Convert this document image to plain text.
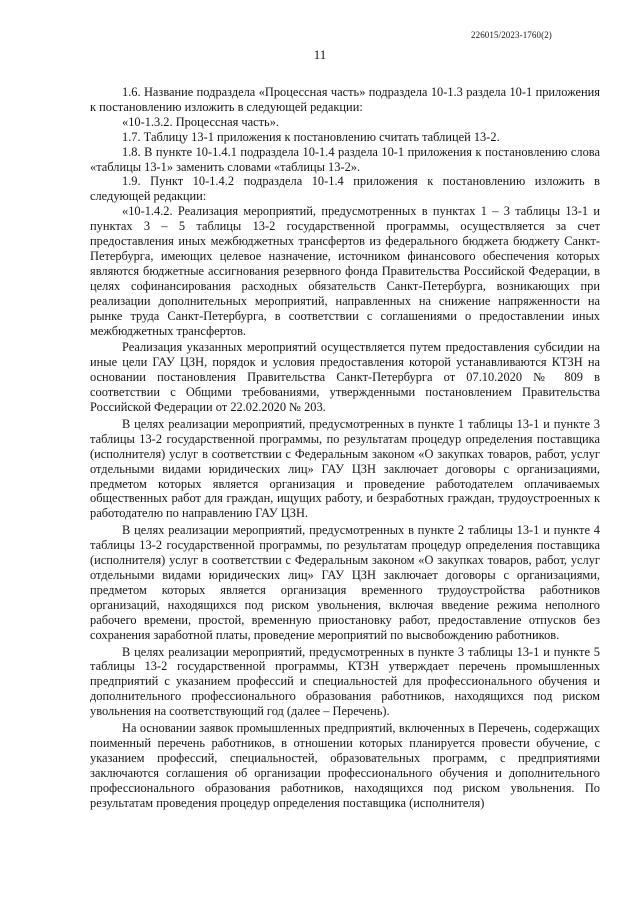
226015/2023-1760(2)
11

1.6. Название подраздела «Процессная часть» подраздела 10-1.3 раздела 10-1 приложения к постановлению изложить в следующей редакции:

«10-1.3.2. Процессная часть».

1.7. Таблицу 13-1 приложения к постановлению считать таблицей 13-2.

1.8. В пункте 10-1.4.1 подраздела 10-1.4 раздела 10-1 приложения к постановлению слова «таблицы 13-1» заменить словами «таблицы 13-2».

1.9. Пункт 10-1.4.2 подраздела 10-1.4 приложения к постановлению изложить в следующей редакции:

«10-1.4.2. Реализация мероприятий, предусмотренных в пунктах 1 – 3 таблицы 13-1 и пунктах 3 – 5 таблицы 13-2 государственной программы, осуществляется за счет предоставления иных межбюджетных трансфертов из федерального бюджета бюджету Санкт-Петербурга, имеющих целевое назначение, источником финансового обеспечения которых являются бюджетные ассигнования резервного фонда Правительства Российской Федерации, в целях софинансирования расходных обязательств Санкт-Петербурга, возникающих при реализации дополнительных мероприятий, направленных на снижение напряженности на рынке труда Санкт-Петербурга, в соответствии с соглашениями о предоставлении иных межбюджетных трансфертов.

Реализация указанных мероприятий осуществляется путем предоставления субсидии на иные цели ГАУ ЦЗН, порядок и условия предоставления которой устанавливаются КТЗН на основании постановления Правительства Санкт-Петербурга от 07.10.2020 № 809 в соответствии с Общими требованиями, утвержденными постановлением Правительства Российской Федерации от 22.02.2020 № 203.

В целях реализации мероприятий, предусмотренных в пункте 1 таблицы 13-1 и пункте 3 таблицы 13-2 государственной программы, по результатам процедур определения поставщика (исполнителя) услуг в соответствии с Федеральным законом «О закупках товаров, работ, услуг отдельными видами юридических лиц» ГАУ ЦЗН заключает договоры с организациями, предметом которых является организация и проведение работодателем оплачиваемых общественных работ для граждан, ищущих работу, и безработных граждан, трудоустроенных к работодателю по направлению ГАУ ЦЗН.

В целях реализации мероприятий, предусмотренных в пункте 2 таблицы 13-1 и пункте 4 таблицы 13-2 государственной программы, по результатам процедур определения поставщика (исполнителя) услуг в соответствии с Федеральным законом «О закупках товаров, работ, услуг отдельными видами юридических лиц» ГАУ ЦЗН заключает договоры с организациями, предметом которых является организация временного трудоустройства работников организаций, находящихся под риском увольнения, включая введение режима неполного рабочего времени, простой, временную приостановку работ, предоставление отпусков без сохранения заработной платы, проведение мероприятий по высвобождению работников.

В целях реализации мероприятий, предусмотренных в пункте 3 таблицы 13-1 и пункте 5 таблицы 13-2 государственной программы, КТЗН утверждает перечень промышленных предприятий с указанием профессий и специальностей для профессионального обучения и дополнительного профессионального образования работников, находящихся под риском увольнения на соответствующий год (далее – Перечень).

На основании заявок промышленных предприятий, включенных в Перечень, содержащих поименный перечень работников, в отношении которых планируется провести обучение, с указанием профессий, специальностей, образовательных программ, с предприятиями заключаются соглашения об организации профессионального обучения и дополнительного профессионального образования работников, находящихся под риском увольнения. По результатам проведения процедур определения поставщика (исполнителя)
